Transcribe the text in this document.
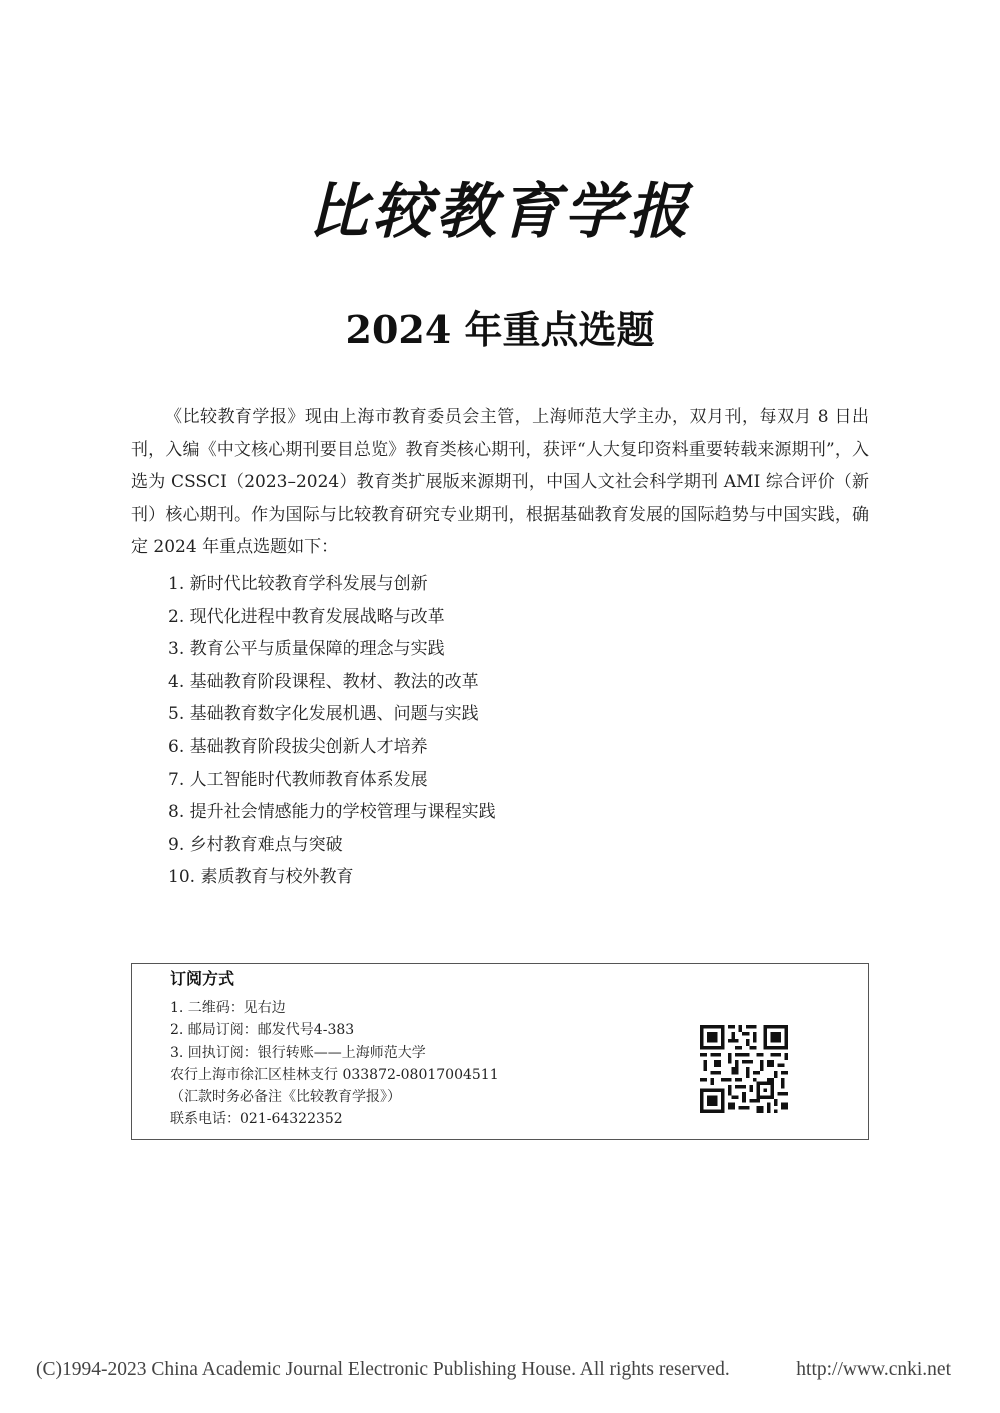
比较教育学报
2024 年重点选题

《比较教育学报》现由上海市教育委员会主管，上海师范大学主办，双月刊，每双月 8 日出刊，入编《中文核心期刊要目总览》教育类核心期刊，获评“人大复印资料重要转载来源期刊”，入选为 CSSCI（2023–2024）教育类扩展版来源期刊，中国人文社会科学期刊 AMI 综合评价（新刊）核心期刊。作为国际与比较教育研究专业期刊，根据基础教育发展的国际趋势与中国实践，确定 2024 年重点选题如下：

1. 新时代比较教育学科发展与创新
2. 现代化进程中教育发展战略与改革
3. 教育公平与质量保障的理念与实践
4. 基础教育阶段课程、教材、教法的改革
5. 基础教育数字化发展机遇、问题与实践
6. 基础教育阶段拔尖创新人才培养
7. 人工智能时代教师教育体系发展
8. 提升社会情感能力的学校管理与课程实践
9. 乡村教育难点与突破
10. 素质教育与校外教育
订阅方式
1. 二维码：见右边
2. 邮局订阅：邮发代号4-383
3. 回执订阅：银行转账——上海师范大学
农行上海市徐汇区桂林支行 033872-08017004511
（汇款时务必备注《比较教育学报》）
联系电话：021-64322352
(C)1994-2023 China Academic Journal Electronic Publishing House. All rights reserved.	http://www.cnki.net
